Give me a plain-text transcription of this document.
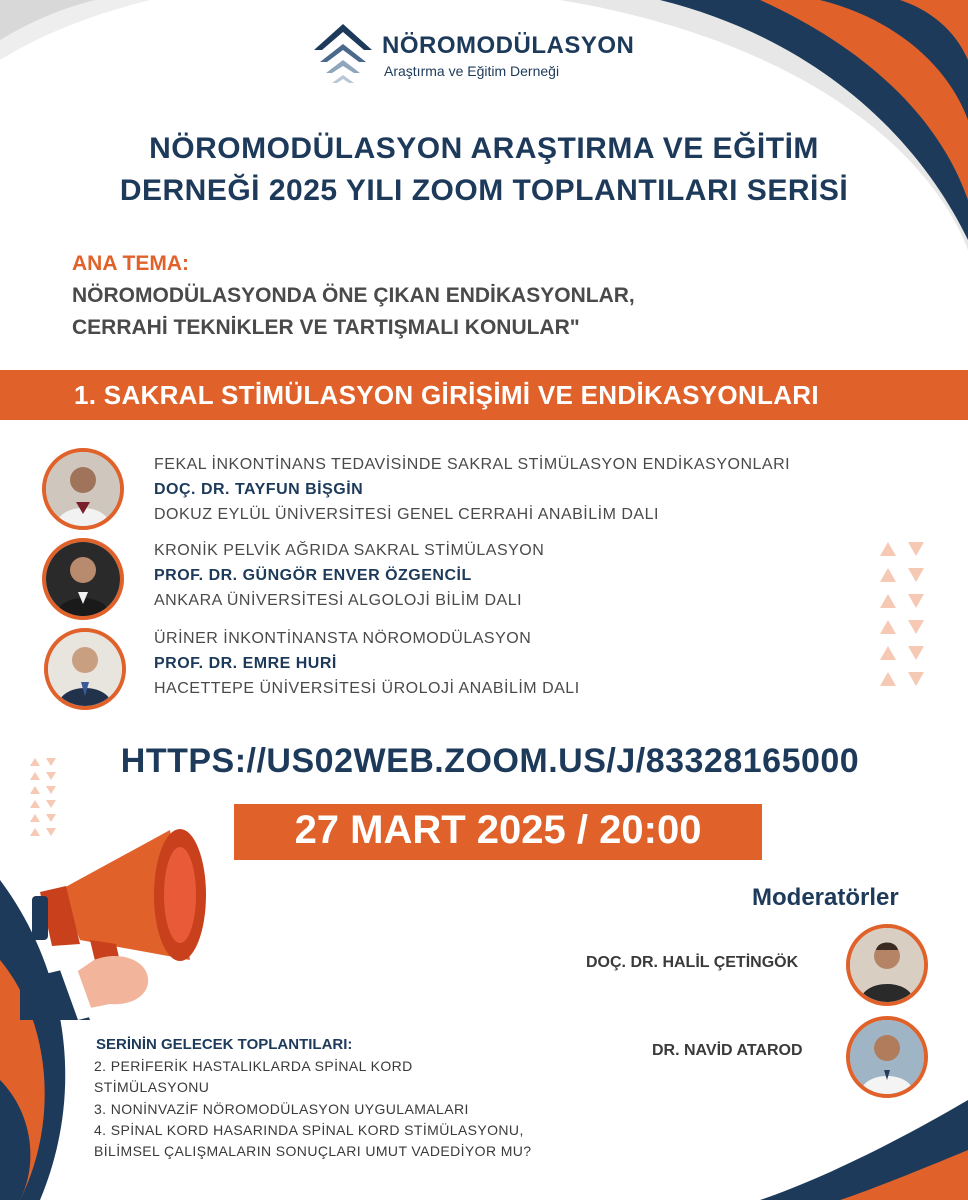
NÖROMODÜLASYON
Araştırma ve Eğitim Derneği
NÖROMODÜLASYON ARAŞTIRMA VE EĞİTİM
DERNEĞİ 2025 YILI ZOOM TOPLANTILARI SERİSİ
ANA TEMA:
NÖROMODÜLASYONDA ÖNE ÇIKAN ENDİKASYONLAR,
CERRAHİ TEKNİKLER VE TARTIŞMALI KONULAR"
1. SAKRAL STİMÜLASYON GİRİŞİMİ VE ENDİKASYONLARI
FEKAL İNKONTİNANS TEDAVİSİNDE SAKRAL STİMÜLASYON ENDİKASYONLARI
DOÇ. DR. TAYFUN BİŞGİN
DOKUZ EYLÜL ÜNİVERSİTESİ GENEL CERRAHİ ANABİLİM DALI
KRONİK PELVİK AĞRIDA SAKRAL STİMÜLASYON
PROF. DR. GÜNGÖR ENVER ÖZGENCİL
ANKARA ÜNİVERSİTESİ ALGOLOJİ BİLİM DALI
ÜRİNER İNKONTİNANSTA NÖROMODÜLASYON
PROF. DR. EMRE HURİ
HACETTEPE ÜNİVERSİTESİ ÜROLOJİ ANABİLİM DALI
HTTPS://US02WEB.ZOOM.US/J/83328165000
27 MART 2025 / 20:00
Moderatörler
DOÇ. DR. HALİL ÇETİNGÖK
DR. NAVİD ATAROD
SERİNİN GELECEK TOPLANTILARI:
2. PERİFERİK HASTALIKLARDA SPİNAL KORD
STİMÜLASYONU
3. NONİNVAZİF NÖROMODÜLASYON UYGULAMALARI
4. SPİNAL KORD HASARINDA SPİNAL KORD STİMÜLASYONU,
BİLİMSEL ÇALIŞMALARIN SONUÇLARI UMUT VADEDİYOR MU?
